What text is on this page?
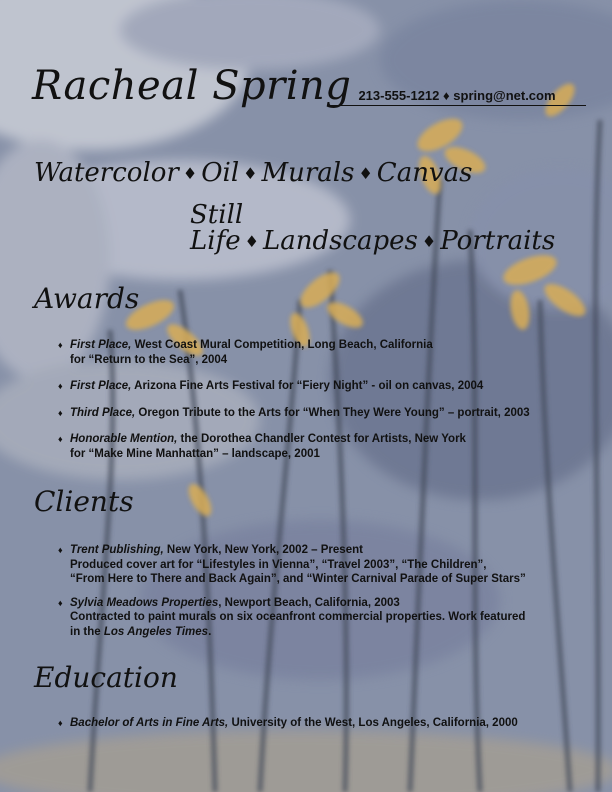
Racheal Spring 213-555-1212 ♦ spring@net.com
Watercolor ♦ Oil ♦ Murals ♦ Canvas
Still Life ♦ Landscapes ♦ Portraits
Awards
♦ First Place, West Coast Mural Competition, Long Beach, California
for “Return to the Sea”, 2004
♦ First Place, Arizona Fine Arts Festival for “Fiery Night” - oil on canvas, 2004
♦ Third Place, Oregon Tribute to the Arts for “When They Were Young” – portrait, 2003
♦ Honorable Mention, the Dorothea Chandler Contest for Artists, New York
for “Make Mine Manhattan” – landscape, 2001
Clients
♦ Trent Publishing, New York, New York, 2002 – Present
Produced cover art for “Lifestyles in Vienna”, “Travel 2003”, “The Children”,
“From Here to There and Back Again”, and “Winter Carnival Parade of Super Stars”
♦ Sylvia Meadows Properties, Newport Beach, California, 2003
Contracted to paint murals on six oceanfront commercial properties. Work featured
in the Los Angeles Times.
Education
♦ Bachelor of Arts in Fine Arts, University of the West, Los Angeles, California, 2000
